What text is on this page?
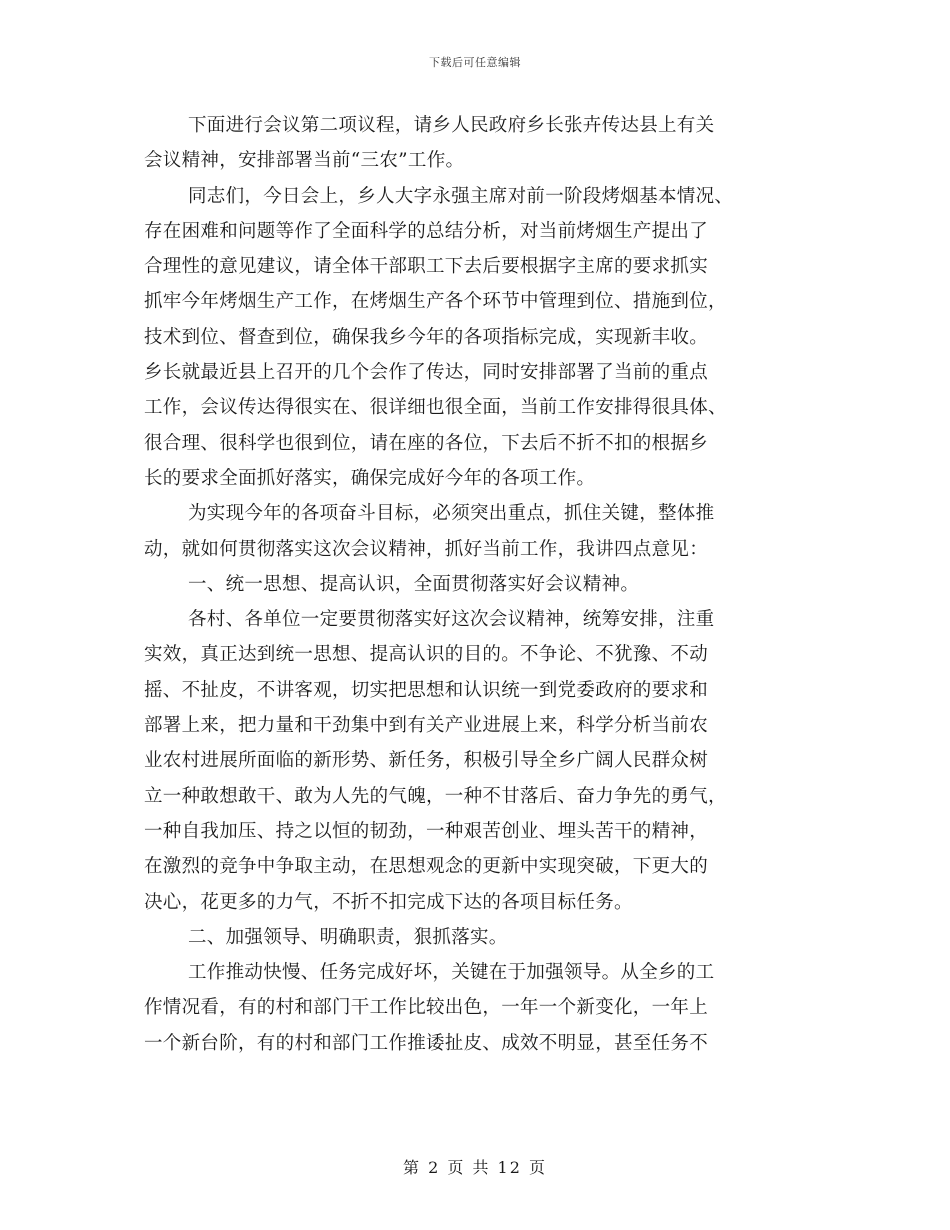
下载后可任意编辑
下面进行会议第二项议程，请乡人民政府乡长张卉传达县上有关
会议精神，安排部署当前“三农”工作。
同志们，今日会上，乡人大字永强主席对前一阶段烤烟基本情况、
存在困难和问题等作了全面科学的总结分析，对当前烤烟生产提出了
合理性的意见建议，请全体干部职工下去后要根据字主席的要求抓实
抓牢今年烤烟生产工作，在烤烟生产各个环节中管理到位、措施到位，
技术到位、督查到位，确保我乡今年的各项指标完成，实现新丰收。
乡长就最近县上召开的几个会作了传达，同时安排部署了当前的重点
工作，会议传达得很实在、很详细也很全面，当前工作安排得很具体、
很合理、很科学也很到位，请在座的各位，下去后不折不扣的根据乡
长的要求全面抓好落实，确保完成好今年的各项工作。
为实现今年的各项奋斗目标，必须突出重点，抓住关键，整体推
动，就如何贯彻落实这次会议精神，抓好当前工作，我讲四点意见：
一、统一思想、提高认识，全面贯彻落实好会议精神。
各村、各单位一定要贯彻落实好这次会议精神，统筹安排，注重
实效，真正达到统一思想、提高认识的目的。不争论、不犹豫、不动
摇、不扯皮，不讲客观，切实把思想和认识统一到党委政府的要求和
部署上来，把力量和干劲集中到有关产业进展上来，科学分析当前农
业农村进展所面临的新形势、新任务，积极引导全乡广阔人民群众树
立一种敢想敢干、敢为人先的气魄，一种不甘落后、奋力争先的勇气，
一种自我加压、持之以恒的韧劲，一种艰苦创业、埋头苦干的精神，
在激烈的竞争中争取主动，在思想观念的更新中实现突破，下更大的
决心，花更多的力气，不折不扣完成下达的各项目标任务。
二、加强领导、明确职责，狠抓落实。
工作推动快慢、任务完成好坏，关键在于加强领导。从全乡的工
作情况看，有的村和部门干工作比较出色，一年一个新变化，一年上
一个新台阶，有的村和部门工作推诿扯皮、成效不明显，甚至任务不
第 2 页 共 12 页
